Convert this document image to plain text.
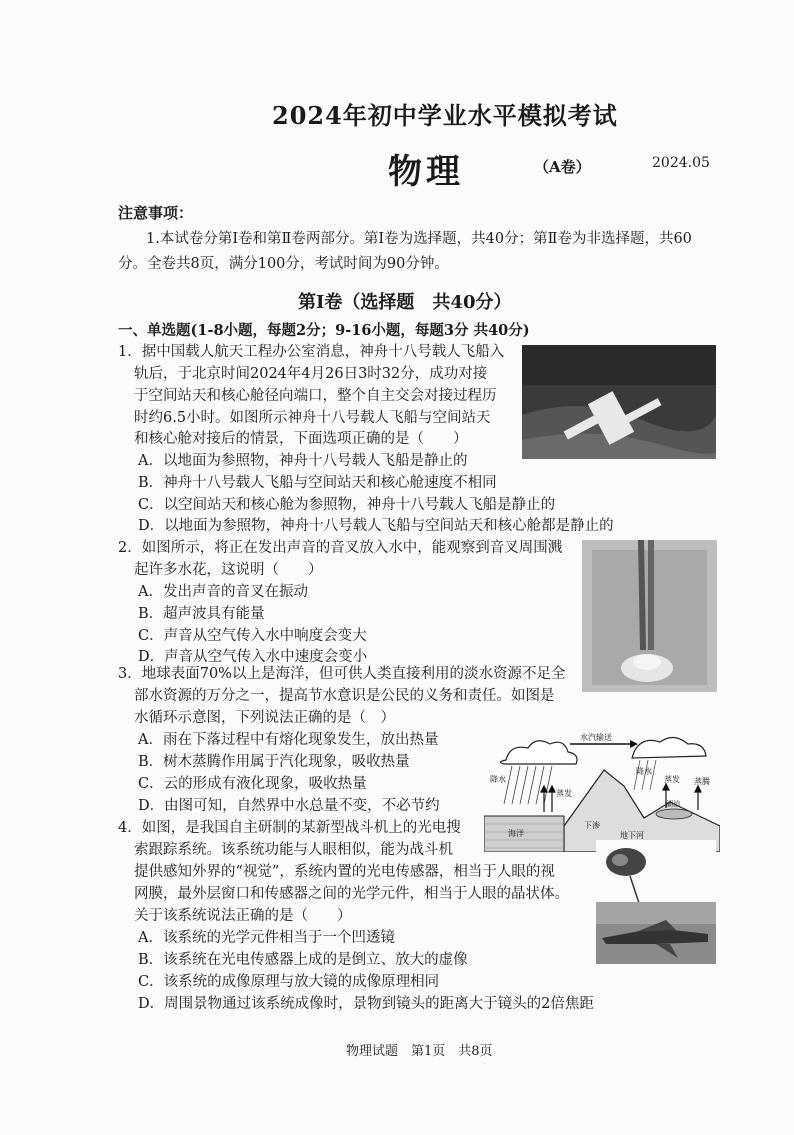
2024年初中学业水平模拟考试
物理	（A卷）	2024.05
注意事项：
1.本试卷分第Ⅰ卷和第Ⅱ卷两部分。第Ⅰ卷为选择题，共40分；第Ⅱ卷为非选择题，共60
分。全卷共8页，满分100分，考试时间为90分钟。
第Ⅰ卷（选择题　共40分）
一、单选题(1-8小题，每题2分；9-16小题，每题3分 共40分)
1．据中国载人航天工程办公室消息，神舟十八号载人飞船入
轨后，于北京时间2024年4月26日3时32分，成功对接
于空间站天和核心舱径向端口，整个自主交会对接过程历
时约6.5小时。如图所示神舟十八号载人飞船与空间站天
和核心舱对接后的情景，下面选项正确的是（　　）
A．以地面为参照物，神舟十八号载人飞船是静止的
B．神舟十八号载人飞船与空间站天和核心舱速度不相同
C．以空间站天和核心舱为参照物，神舟十八号载人飞船是静止的
D．以地面为参照物，神舟十八号载人飞船与空间站天和核心舱都是静止的
2．如图所示，将正在发出声音的音叉放入水中，能观察到音叉周围溅
起许多水花，这说明（　　）
A．发出声音的音叉在振动
B．超声波具有能量
C．声音从空气传入水中响度会变大
D．声音从空气传入水中速度会变小
3．地球表面70%以上是海洋，但可供人类直接利用的淡水资源不足全
部水资源的万分之一，提高节水意识是公民的义务和责任。如图是
水循环示意图，下列说法正确的是（　）
A．雨在下落过程中有熔化现象发生，放出热量
B．树木蒸腾作用属于汽化现象，吸收热量
C．云的形成有液化现象，吸收热量
D．由图可知，自然界中水总量不变，不必节约
水汽输送
降水
降水
蒸发
蒸发 蒸腾
海洋
湖泊
下渗
地下河
4．如图，是我国自主研制的某新型战斗机上的光电搜
索跟踪系统。该系统功能与人眼相似，能为战斗机
提供感知外界的“视觉”，系统内置的光电传感器，相当于人眼的视
网膜，最外层窗口和传感器之间的光学元件，相当于人眼的晶状体。
关于该系统说法正确的是（　　）
A．该系统的光学元件相当于一个凹透镜
B．该系统在光电传感器上成的是倒立、放大的虚像
C．该系统的成像原理与放大镜的成像原理相同
D．周围景物通过该系统成像时，景物到镜头的距离大于镜头的2倍焦距
物理试题　第1页　共8页
